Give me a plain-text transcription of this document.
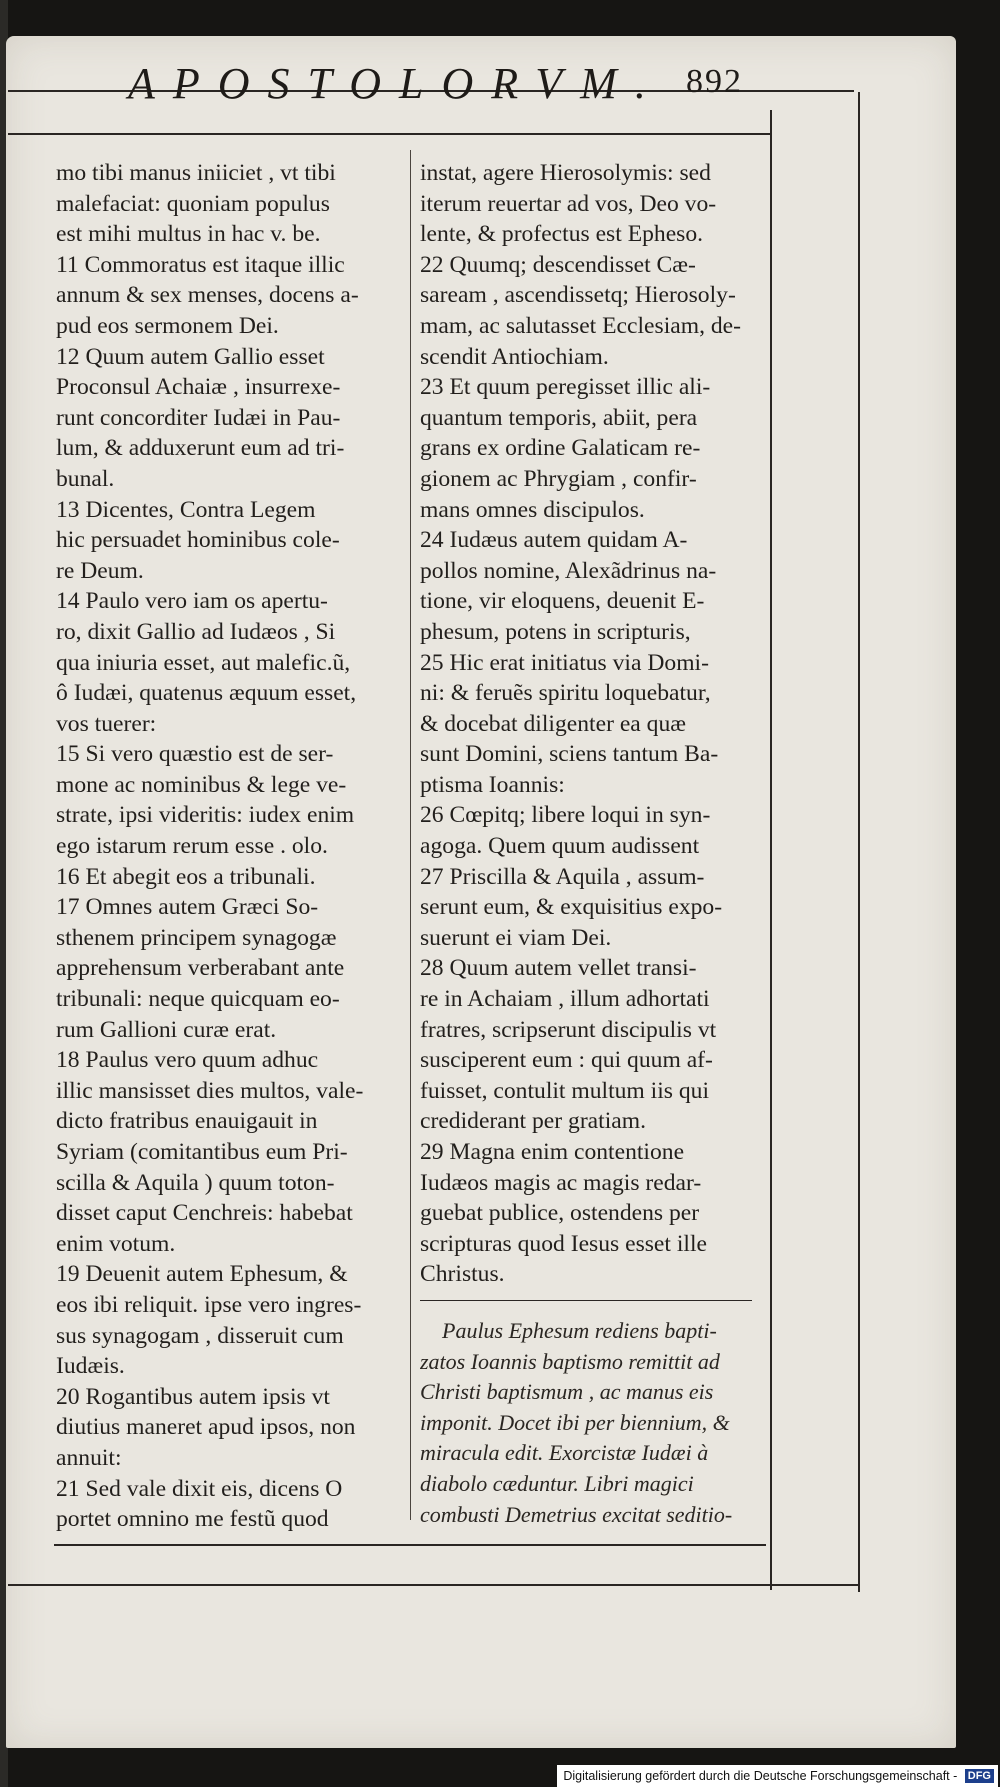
APOSTOLORVM. 892
mo tibi manus iniiciet , vt tibi
malefaciat: quoniam populus
est mihi multus in hac v. be.
11 Commoratus est itaque illic
annum & sex menses, docens a-
pud eos sermonem Dei.
12 Quum autem Gallio esset
Proconsul Achaiæ , insurrexe-
runt concorditer Iudæi in Pau-
lum, & adduxerunt eum ad tri-
bunal.
13 Dicentes, Contra Legem
hic persuadet hominibus cole-
re Deum.
14 Paulo vero iam os apertu-
ro, dixit Gallio ad Iudæos , Si
qua iniuria esset, aut malefic.ũ,
ô Iudæi, quatenus æquum esset,
vos tuerer:
15 Si vero quæstio est de ser-
mone ac nominibus & lege ve-
strate, ipsi videritis: iudex enim
ego istarum rerum esse . olo.
16 Et abegit eos a tribunali.
17 Omnes autem Græci So-
sthenem principem synagogæ
apprehensum verberabant ante
tribunali: neque quicquam eo-
rum Gallioni curæ erat.
18 Paulus vero quum adhuc
illic mansisset dies multos, vale-
dicto fratribus enauigauit in
Syriam (comitantibus eum Pri-
scilla & Aquila ) quum toton-
disset caput Cenchreis: habebat
enim votum.
19 Deuenit autem Ephesum, &
eos ibi reliquit. ipse vero ingres-
sus synagogam , disseruit cum
Iudæis.
20 Rogantibus autem ipsis vt
diutius maneret apud ipsos, non
annuit:
21 Sed vale dixit eis, dicens O
portet omnino me festũ quod
instat, agere Hierosolymis: sed
iterum reuertar ad vos, Deo vo-
lente, & profectus est Epheso.
22 Quumq; descendisset Cæ-
saream , ascendissetq; Hierosoly-
mam, ac salutasset Ecclesiam, de-
scendit Antiochiam.
23 Et quum peregisset illic ali-
quantum temporis, abiit, pera
grans ex ordine Galaticam re-
gionem ac Phrygiam , confir-
mans omnes discipulos.
24 Iudæus autem quidam A-
pollos nomine, Alexãdrinus na-
tione, vir eloquens, deuenit E-
phesum, potens in scripturis,
25 Hic erat initiatus via Domi-
ni: & feruẽs spiritu loquebatur,
& docebat diligenter ea quæ
sunt Domini, sciens tantum Ba-
ptisma Ioannis:
26 Cœpitq; libere loqui in syn-
agoga. Quem quum audissent
27 Priscilla & Aquila , assum-
serunt eum, & exquisitius expo-
suerunt ei viam Dei.
28 Quum autem vellet transi-
re in Achaiam , illum adhortati
fratres, scripserunt discipulis vt
susciperent eum : qui quum af-
fuisset, contulit multum iis qui
crediderant per gratiam.
29 Magna enim contentione
Iudæos magis ac magis redar-
guebat publice, ostendens per
scripturas quod Iesus esset ille
Christus.
Paulus Ephesum rediens bapti-
zatos Ioannis baptismo remittit ad
Christi baptismum , ac manus eis
imponit. Docet ibi per biennium, &
miracula edit. Exorcistæ Iudæi à
diabolo cæduntur. Libri magici
combusti Demetrius excitat seditio-
Digitalisierung gefördert durch die Deutsche Forschungsgemeinschaft - DFG
